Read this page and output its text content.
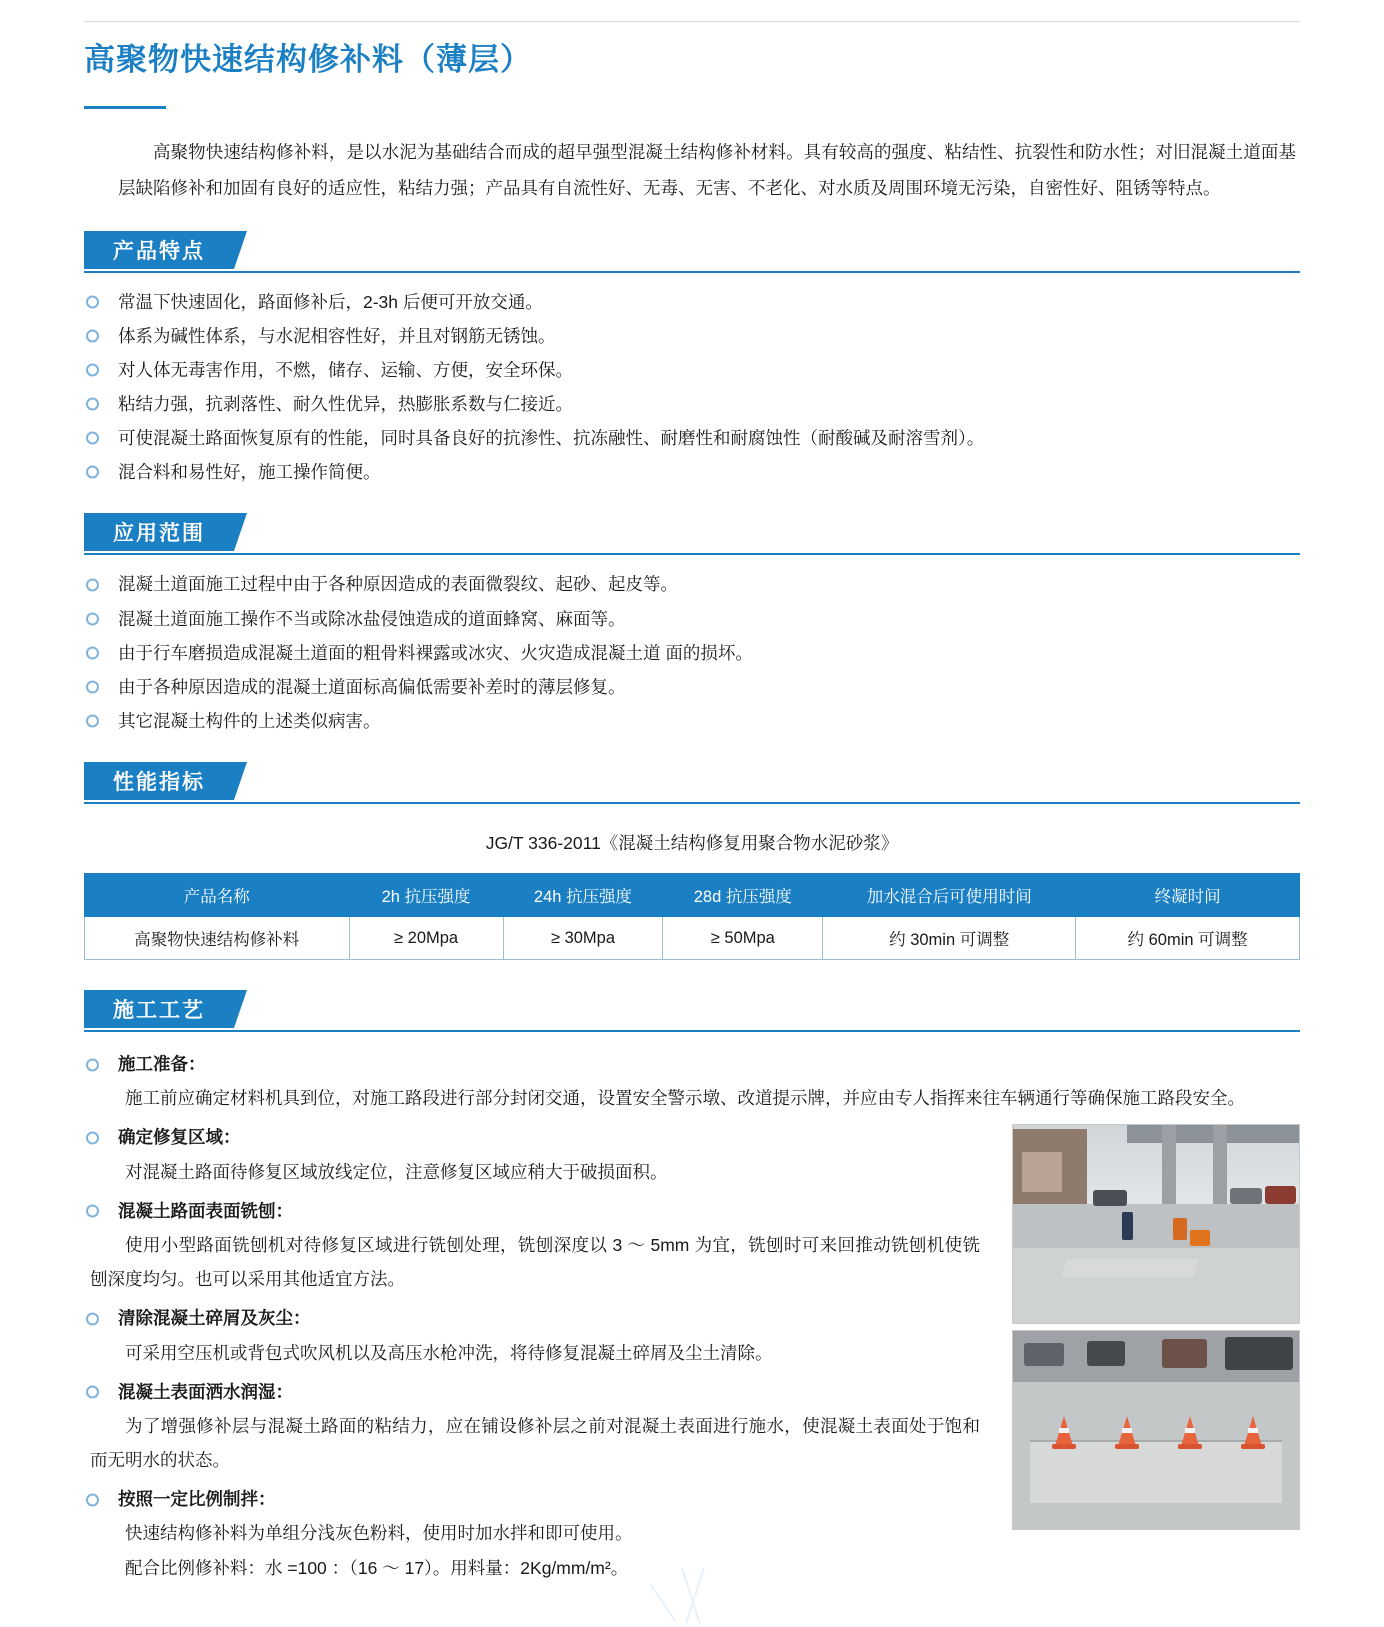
高聚物快速结构修补料（薄层）

高聚物快速结构修补料，是以水泥为基础结合而成的超早强型混凝土结构修补材料。具有较高的强度、粘结性、抗裂性和防水性；对旧混凝土道面基层缺陷修补和加固有良好的适应性，粘结力强；产品具有自流性好、无毒、无害、不老化、对水质及周围环境无污染，自密性好、阻锈等特点。

产品特点
常温下快速固化，路面修补后，2-3h 后便可开放交通。
体系为碱性体系，与水泥相容性好，并且对钢筋无锈蚀。
对人体无毒害作用，不燃，储存、运输、方便，安全环保。
粘结力强，抗剥落性、耐久性优异，热膨胀系数与仁接近。
可使混凝土路面恢复原有的性能，同时具备良好的抗渗性、抗冻融性、耐磨性和耐腐蚀性（耐酸碱及耐溶雪剂）。
混合料和易性好，施工操作简便。
应用范围
混凝土道面施工过程中由于各种原因造成的表面微裂纹、起砂、起皮等。
混凝土道面施工操作不当或除冰盐侵蚀造成的道面蜂窝、麻面等。
由于行车磨损造成混凝土道面的粗骨料裸露或冰灾、火灾造成混凝土道 面的损坏。
由于各种原因造成的混凝土道面标高偏低需要补差时的薄层修复。
其它混凝土构件的上述类似病害。
性能指标
JG/T 336-2011《混凝土结构修复用聚合物水泥砂浆》
产品名称	2h 抗压强度	24h 抗压强度	28d 抗压强度	加水混合后可使用时间	终凝时间
高聚物快速结构修补料	≥ 20Mpa	≥ 30Mpa	≥ 50Mpa	约 30min 可调整	约 60min 可调整
施工工艺
施工准备：
施工前应确定材料机具到位，对施工路段进行部分封闭交通，设置安全警示墩、改道提示牌，并应由专人指挥来往车辆通行等确保施工路段安全。
确定修复区域：
对混凝土路面待修复区域放线定位，注意修复区域应稍大于破损面积。
混凝土路面表面铣刨：
使用小型路面铣刨机对待修复区域进行铣刨处理，铣刨深度以 3 ～ 5mm 为宜，铣刨时可来回推动铣刨机使铣刨深度均匀。也可以采用其他适宜方法。
清除混凝土碎屑及灰尘：
可采用空压机或背包式吹风机以及高压水枪冲洗，将待修复混凝土碎屑及尘土清除。
混凝土表面洒水润湿：
为了增强修补层与混凝土路面的粘结力，应在铺设修补层之前对混凝土表面进行施水，使混凝土表面处于饱和而无明水的状态。
按照一定比例制拌：
快速结构修补料为单组分浅灰色粉料，使用时加水拌和即可使用。
配合比例修补料：水 =100 ：（16 ～ 17）。用料量：2Kg/mm/m²。
